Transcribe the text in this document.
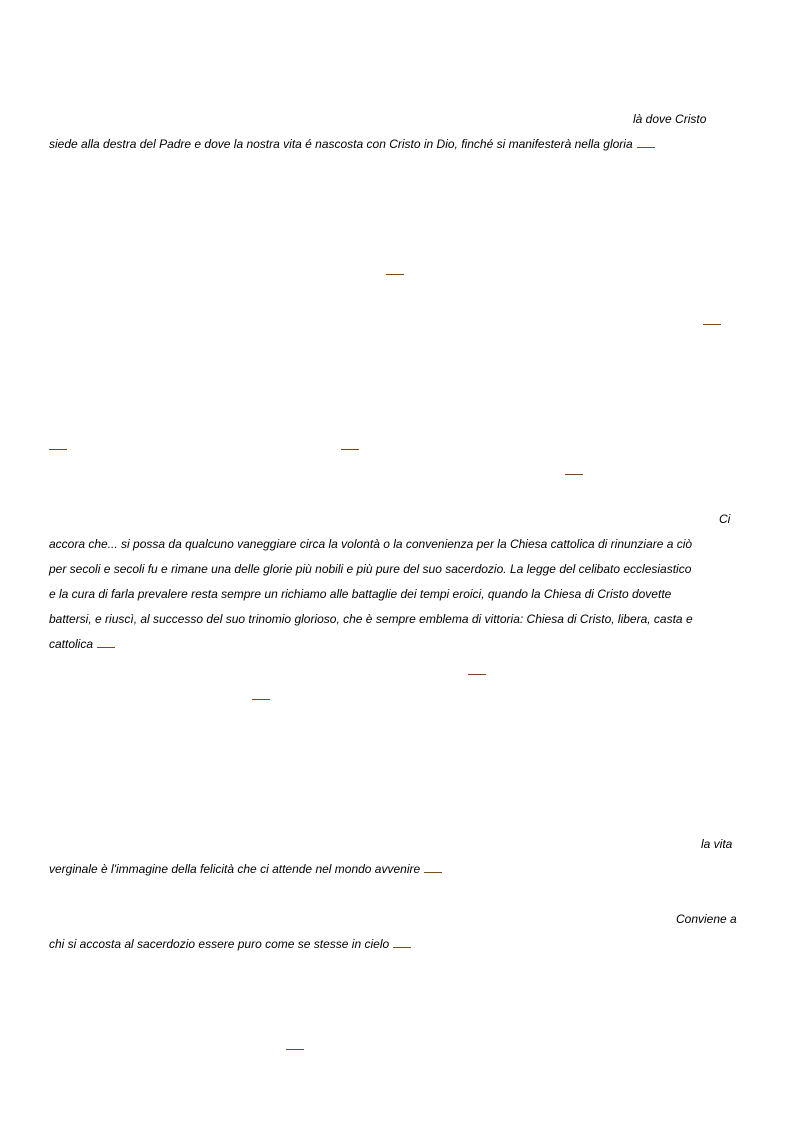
là dove Cristo

siede alla destra del Padre e dove la nostra vita é nascosta con Cristo in Dio, finché si manifesterà nella gloria

Ci

accora che... si possa da qualcuno vaneggiare circa la volontà o la convenienza per la Chiesa cattolica di rinunziare a ciò

per secoli e secoli fu e rimane una delle glorie più nobili e più pure del suo sacerdozio. La legge del celibato ecclesiastico

e la cura di farla prevalere resta sempre un richiamo alle battaglie dei tempi eroici, quando la Chiesa di Cristo dovette

battersi, e riuscì, al successo del suo trinomio glorioso, che è sempre emblema di vittoria: Chiesa di Cristo, libera, casta e

cattolica

la vita

verginale è l'immagine della felicità che ci attende nel mondo avvenire

Conviene a

chi si accosta al sacerdozio essere puro come se stesse in cielo
